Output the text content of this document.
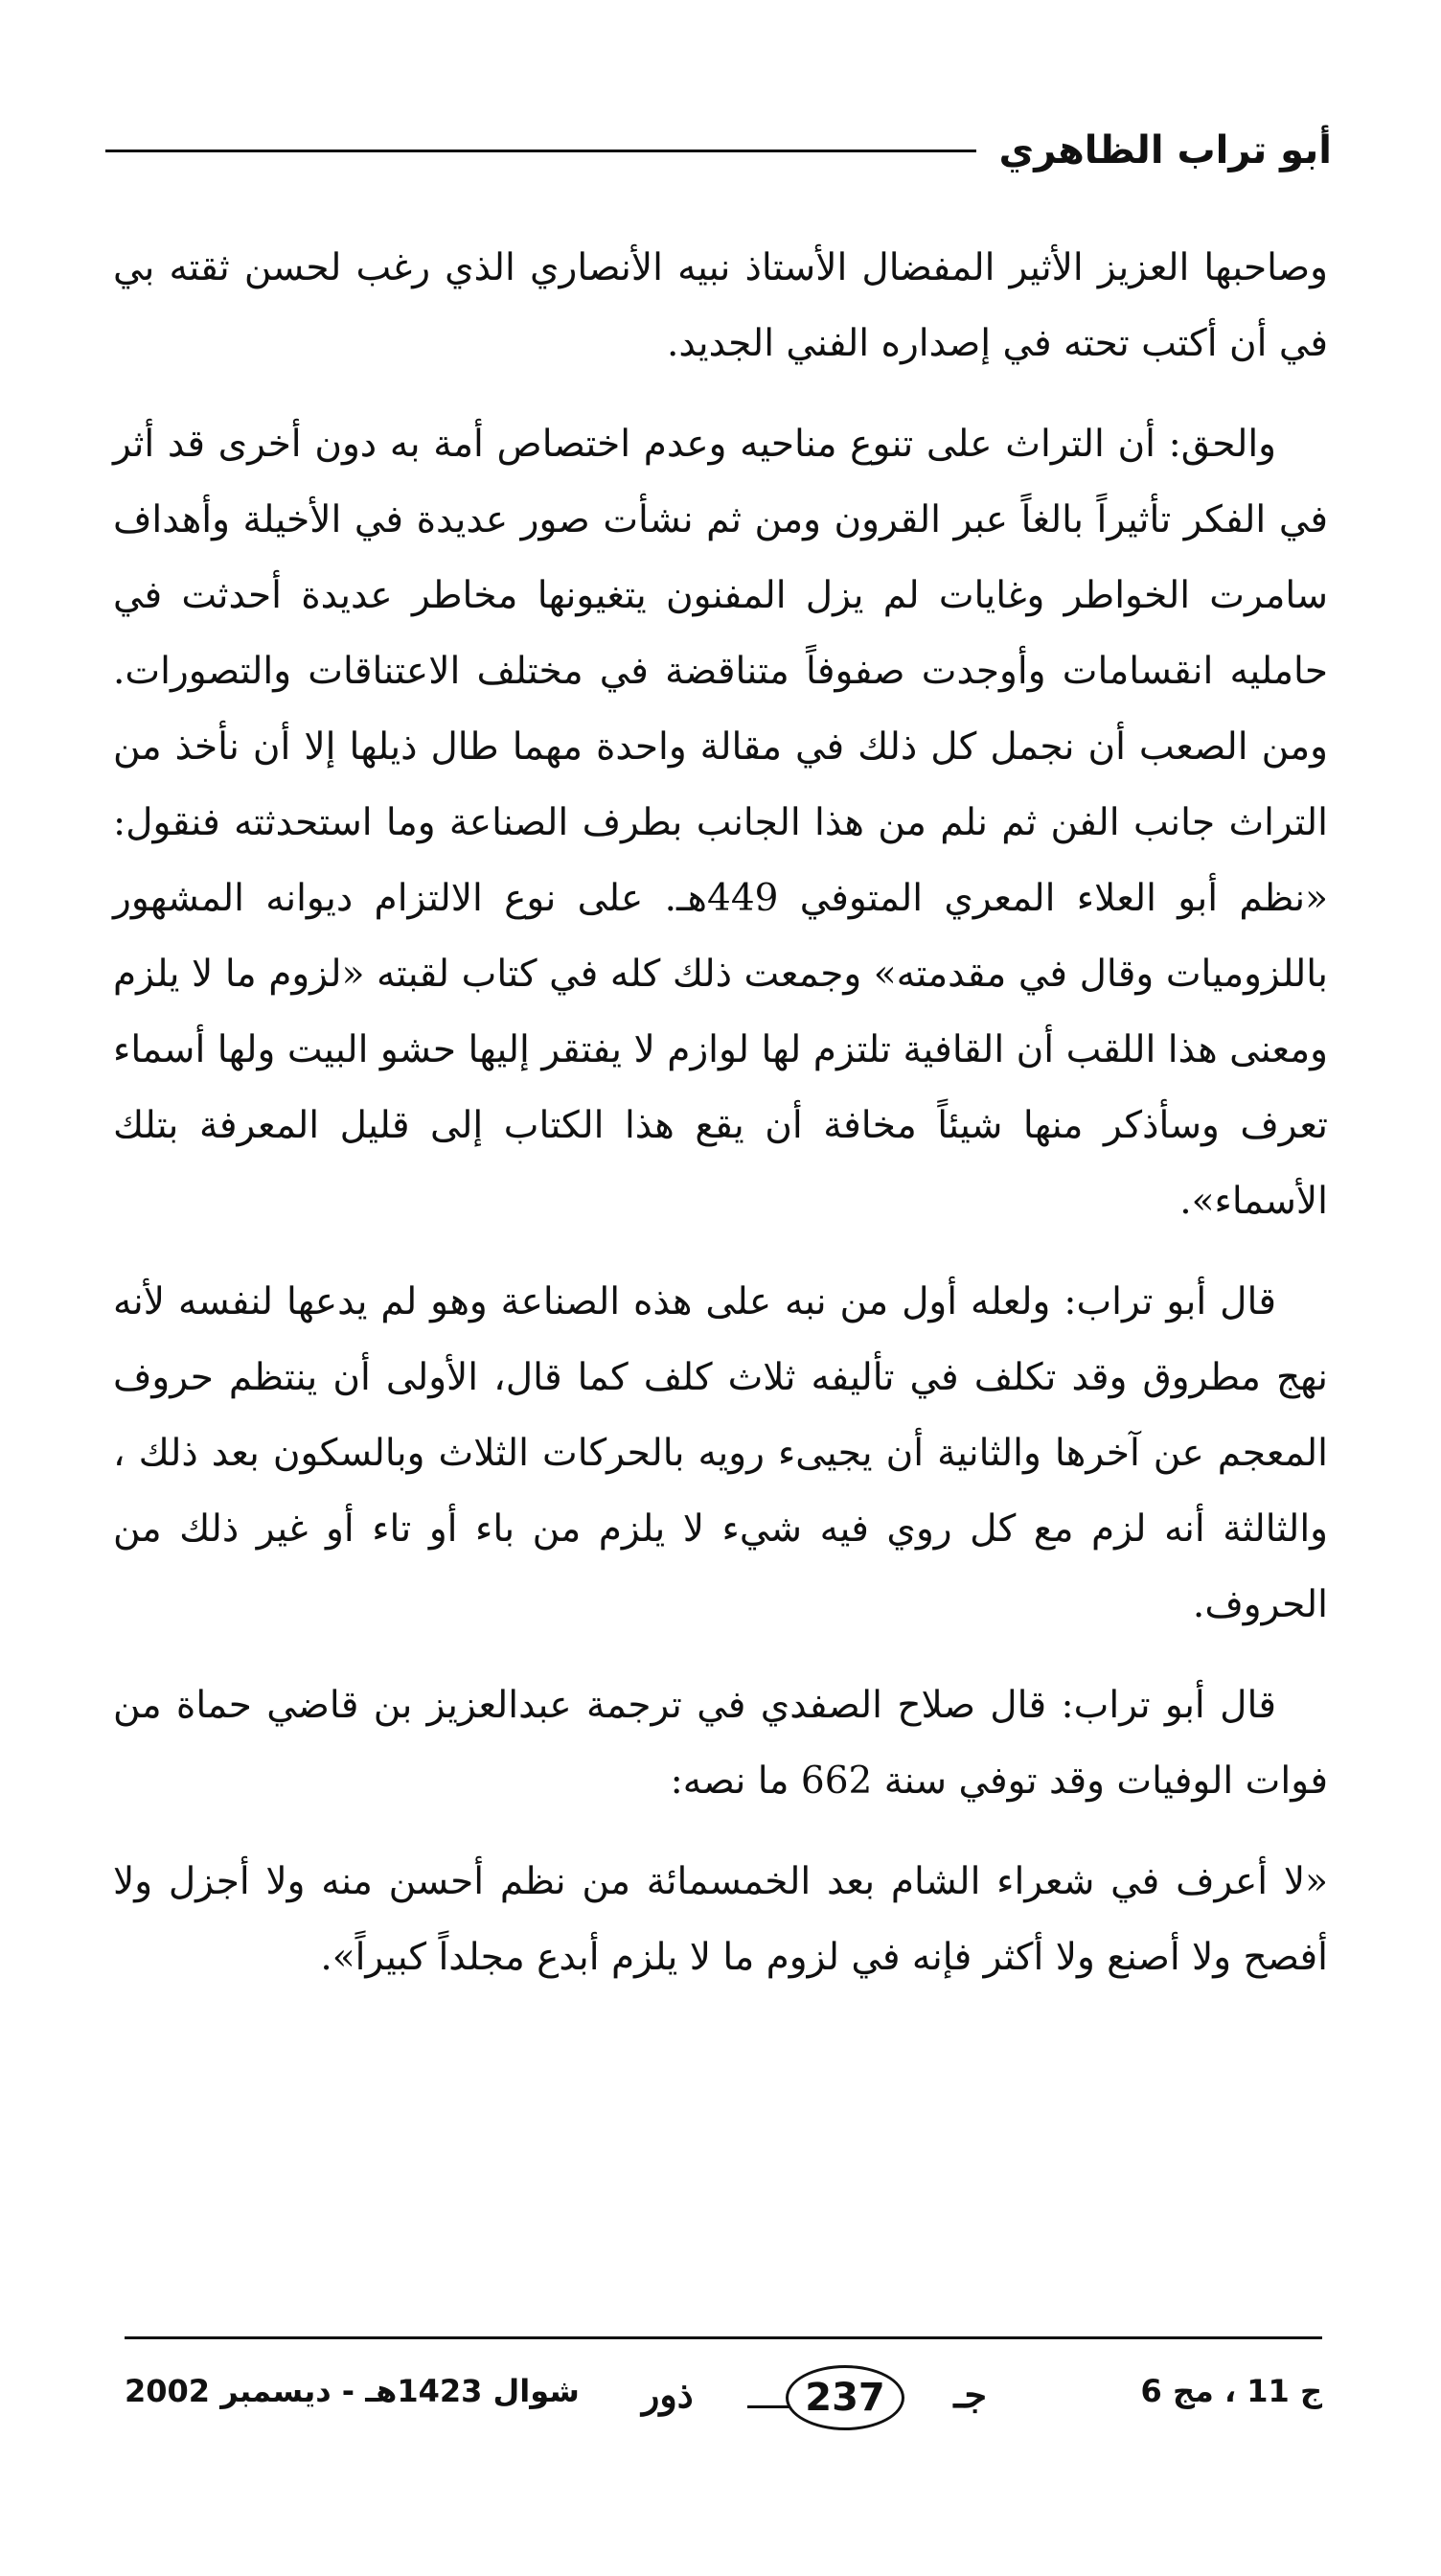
أبو تراب الظاهري

وصاحبها العزيز الأثير المفضال الأستاذ نبيه الأنصاري الذي رغب لحسن ثقته بي في أن أكتب تحته في إصداره الفني الجديد.

والحق: أن التراث على تنوع مناحيه وعدم اختصاص أمة به دون أخرى قد أثر في الفكر تأثيراً بالغاً عبر القرون ومن ثم نشأت صور عديدة في الأخيلة وأهداف سامرت الخواطر وغايات لم يزل المفنون يتغيونها مخاطر عديدة أحدثت في حامليه انقسامات وأوجدت صفوفاً متناقضة في مختلف الاعتناقات والتصورات. ومن الصعب أن نجمل كل ذلك في مقالة واحدة مهما طال ذيلها إلا أن نأخذ من التراث جانب الفن ثم نلم من هذا الجانب بطرف الصناعة وما استحدثته فنقول: «نظم أبو العلاء المعري المتوفي 449هـ. على نوع الالتزام ديوانه المشهور باللزوميات وقال في مقدمته» وجمعت ذلك كله في كتاب لقبته «لزوم ما لا يلزم ومعنى هذا اللقب أن القافية تلتزم لها لوازم لا يفتقر إليها حشو البيت ولها أسماء تعرف وسأذكر منها شيئاً مخافة أن يقع هذا الكتاب إلى قليل المعرفة بتلك الأسماء».

قال أبو تراب: ولعله أول من نبه على هذه الصناعة وهو لم يدعها لنفسه لأنه نهج مطروق وقد تكلف في تأليفه ثلاث كلف كما قال، الأولى أن ينتظم حروف المعجم عن آخرها والثانية أن يجيىء رويه بالحركات الثلاث وبالسكون بعد ذلك ، والثالثة أنه لزم مع كل روي فيه شيء لا يلزم من باء أو تاء أو غير ذلك من الحروف.

قال أبو تراب: قال صلاح الصفدي في ترجمة عبدالعزيز بن قاضي حماة من فوات الوفيات وقد توفي سنة 662 ما نصه:

«لا أعرف في شعراء الشام بعد الخمسمائة من نظم أحسن منه ولا أجزل ولا أفصح ولا أصنع ولا أكثر فإنه في لزوم ما لا يلزم أبدع مجلداً كبيراً».

ج 11 ، مج 6
جـ
237
ذور
شوال 1423هـ - ديسمبر 2002
